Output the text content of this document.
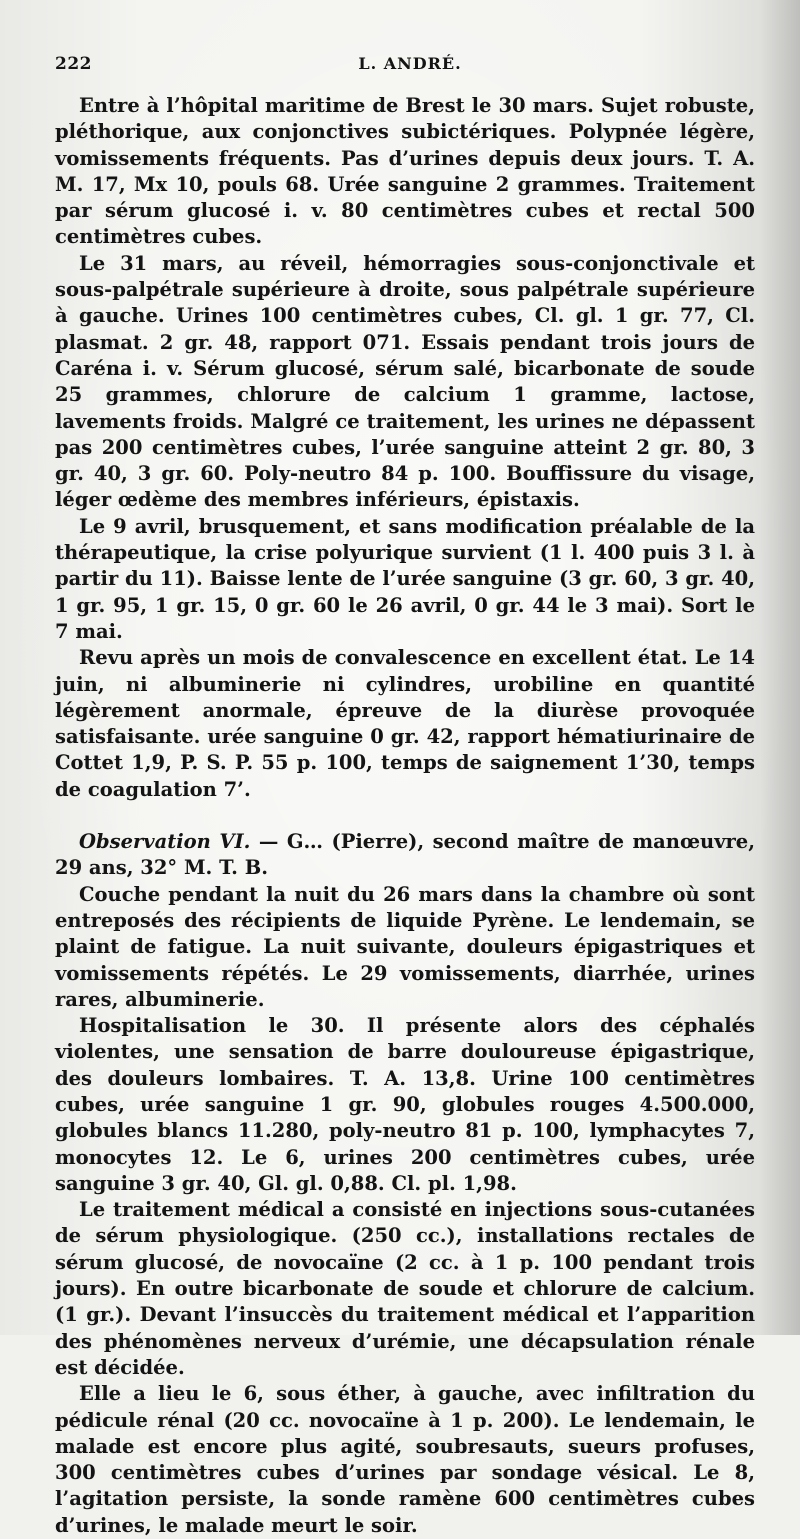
222	L. ANDRÉ.

Entre à l’hôpital maritime de Brest le 30 mars. Sujet robuste, pléthorique, aux conjonctives subictériques. Polypnée légère, vomissements fréquents. Pas d’urines depuis deux jours. T. A. M. 17, Mx 10, pouls 68. Urée sanguine 2 grammes. Traitement par sérum glucosé i. v. 80 centimètres cubes et rectal 500 centimètres cubes.

Le 31 mars, au réveil, hémorragies sous-conjonctivale et sous-palpétrale supérieure à droite, sous palpétrale supérieure à gauche. Urines 100 centimètres cubes, Cl. gl. 1 gr. 77, Cl. plasmat. 2 gr. 48, rapport 071. Essais pendant trois jours de Caréna i. v. Sérum glucosé, sérum salé, bicarbonate de soude 25 grammes, chlorure de calcium 1 gramme, lactose, lavements froids. Malgré ce traitement, les urines ne dépassent pas 200 centimètres cubes, l’urée sanguine atteint 2 gr. 80, 3 gr. 40, 3 gr. 60. Poly-neutro 84 p. 100. Bouffissure du visage, léger œdème des membres inférieurs, épistaxis.

Le 9 avril, brusquement, et sans modification préalable de la thérapeutique, la crise polyurique survient (1 l. 400 puis 3 l. à partir du 11). Baisse lente de l’urée sanguine (3 gr. 60, 3 gr. 40, 1 gr. 95, 1 gr. 15, 0 gr. 60 le 26 avril, 0 gr. 44 le 3 mai). Sort le 7 mai.

Revu après un mois de convalescence en excellent état. Le 14 juin, ni albuminerie ni cylindres, urobiline en quantité légèrement anormale, épreuve de la diurèse provoquée satisfaisante. urée sanguine 0 gr. 42, rapport hématiurinaire de Cottet 1,9, P. S. P. 55 p. 100, temps de saignement 1’30, temps de coagulation 7’.

Observation VI. — G… (Pierre), second maître de manœuvre, 29 ans, 32° M. T. B.

Couche pendant la nuit du 26 mars dans la chambre où sont entreposés des récipients de liquide Pyrène. Le lendemain, se plaint de fatigue. La nuit suivante, douleurs épigastriques et vomissements répétés. Le 29 vomissements, diarrhée, urines rares, albuminerie.

Hospitalisation le 30. Il présente alors des céphalés violentes, une sensation de barre douloureuse épigastrique, des douleurs lombaires. T. A. 13,8. Urine 100 centimètres cubes, urée sanguine 1 gr. 90, globules rouges 4.500.000, globules blancs 11.280, poly-neutro 81 p. 100, lymphacytes 7, monocytes 12. Le 6, urines 200 centimètres cubes, urée sanguine 3 gr. 40, Gl. gl. 0,88. Cl. pl. 1,98.

Le traitement médical a consisté en injections sous-cutanées de sérum physiologique. (250 cc.), installations rectales de sérum glucosé, de novocaïne (2 cc. à 1 p. 100 pendant trois jours). En outre bicarbonate de soude et chlorure de calcium. (1 gr.). Devant l’insuccès du traitement médical et l’apparition des phénomènes nerveux d’urémie, une décapsulation rénale est décidée.

Elle a lieu le 6, sous éther, à gauche, avec infiltration du pédicule rénal (20 cc. novocaïne à 1 p. 200). Le lendemain, le malade est encore plus agité, soubresauts, sueurs profuses, 300 centimètres cubes d’urines par sondage vésical. Le 8, l’agitation persiste, la sonde ramène 600 centimètres cubes d’urines, le malade meurt le soir.
